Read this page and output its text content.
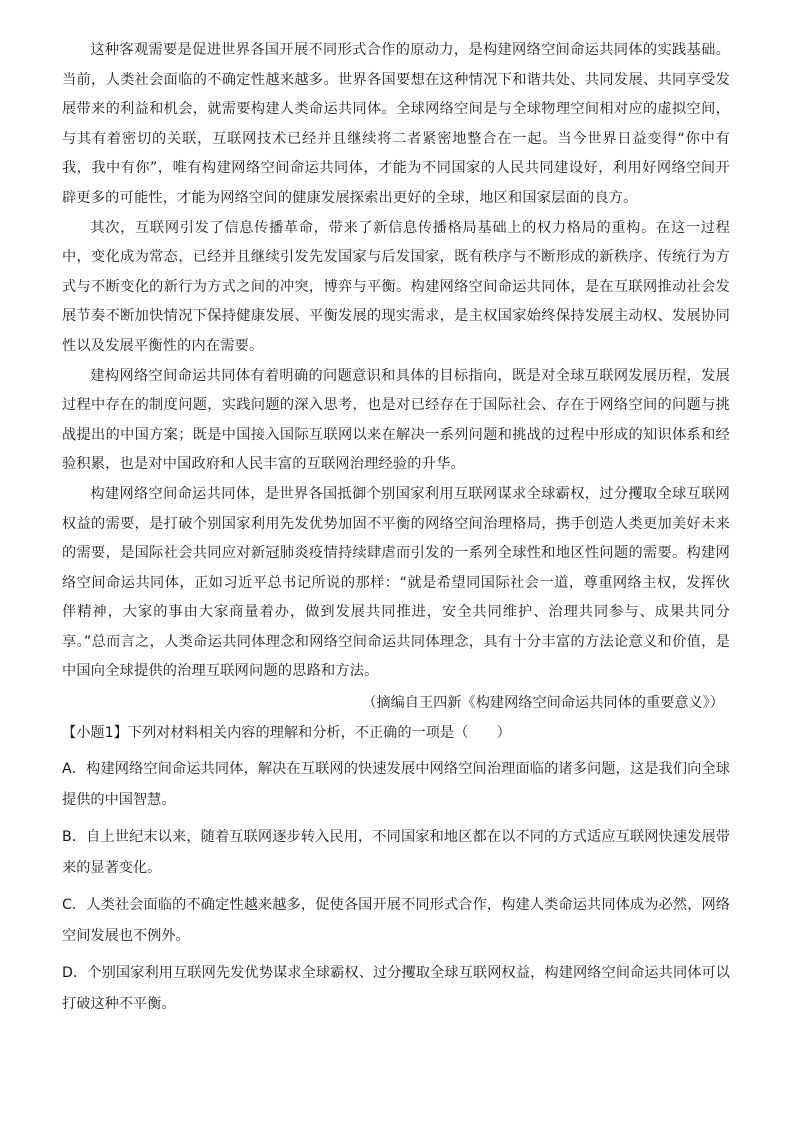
这种客观需要是促进世界各国开展不同形式合作的原动力，是构建网络空间命运共同体的实践基础。当前，人类社会面临的不确定性越来越多。世界各国要想在这种情况下和谐共处、共同发展、共同享受发展带来的利益和机会，就需要构建人类命运共同体。全球网络空间是与全球物理空间相对应的虚拟空间，与其有着密切的关联，互联网技术已经并且继续将二者紧密地整合在一起。当今世界日益变得“你中有我，我中有你”，唯有构建网络空间命运共同体，才能为不同国家的人民共同建设好，利用好网络空间开辟更多的可能性，才能为网络空间的健康发展探索出更好的全球，地区和国家层面的良方。

其次，互联网引发了信息传播革命，带来了新信息传播格局基础上的权力格局的重构。在这一过程中，变化成为常态，已经并且继续引发先发国家与后发国家，既有秩序与不断形成的新秩序、传统行为方式与不断变化的新行为方式之间的冲突，博弈与平衡。构建网络空间命运共同体，是在互联网推动社会发展节奏不断加快情况下保持健康发展、平衡发展的现实需求，是主权国家始终保持发展主动权、发展协同性以及发展平衡性的内在需要。

建构网络空间命运共同体有着明确的问题意识和具体的目标指向，既是对全球互联网发展历程，发展过程中存在的制度问题，实践问题的深入思考，也是对已经存在于国际社会、存在于网络空间的问题与挑战提出的中国方案；既是中国接入国际互联网以来在解决一系列问题和挑战的过程中形成的知识体系和经验积累，也是对中国政府和人民丰富的互联网治理经验的升华。

构建网络空间命运共同体，是世界各国抵御个别国家利用互联网谋求全球霸权，过分攫取全球互联网权益的需要，是打破个别国家利用先发优势加固不平衡的网络空间治理格局，携手创造人类更加美好未来的需要，是国际社会共同应对新冠肺炎疫情持续肆虐而引发的一系列全球性和地区性问题的需要。构建网络空间命运共同体，正如习近平总书记所说的那样：“就是希望同国际社会一道，尊重网络主权，发挥伙伴精神，大家的事由大家商量着办，做到发展共同推进，安全共同维护、治理共同参与、成果共同分享。”总而言之，人类命运共同体理念和网络空间命运共同体理念，具有十分丰富的方法论意义和价值，是中国向全球提供的治理互联网问题的思路和方法。

（摘编自王四新《构建网络空间命运共同体的重要意义》）

【小题1】下列对材料相关内容的理解和分析，不正确的一项是（　　）

A．构建网络空间命运共同体，解决在互联网的快速发展中网络空间治理面临的诸多问题，这是我们向全球提供的中国智慧。

B．自上世纪末以来，随着互联网逐步转入民用，不同国家和地区都在以不同的方式适应互联网快速发展带来的显著变化。

C．人类社会面临的不确定性越来越多，促使各国开展不同形式合作，构建人类命运共同体成为必然，网络空间发展也不例外。

D．个别国家利用互联网先发优势谋求全球霸权、过分攫取全球互联网权益，构建网络空间命运共同体可以打破这种不平衡。
